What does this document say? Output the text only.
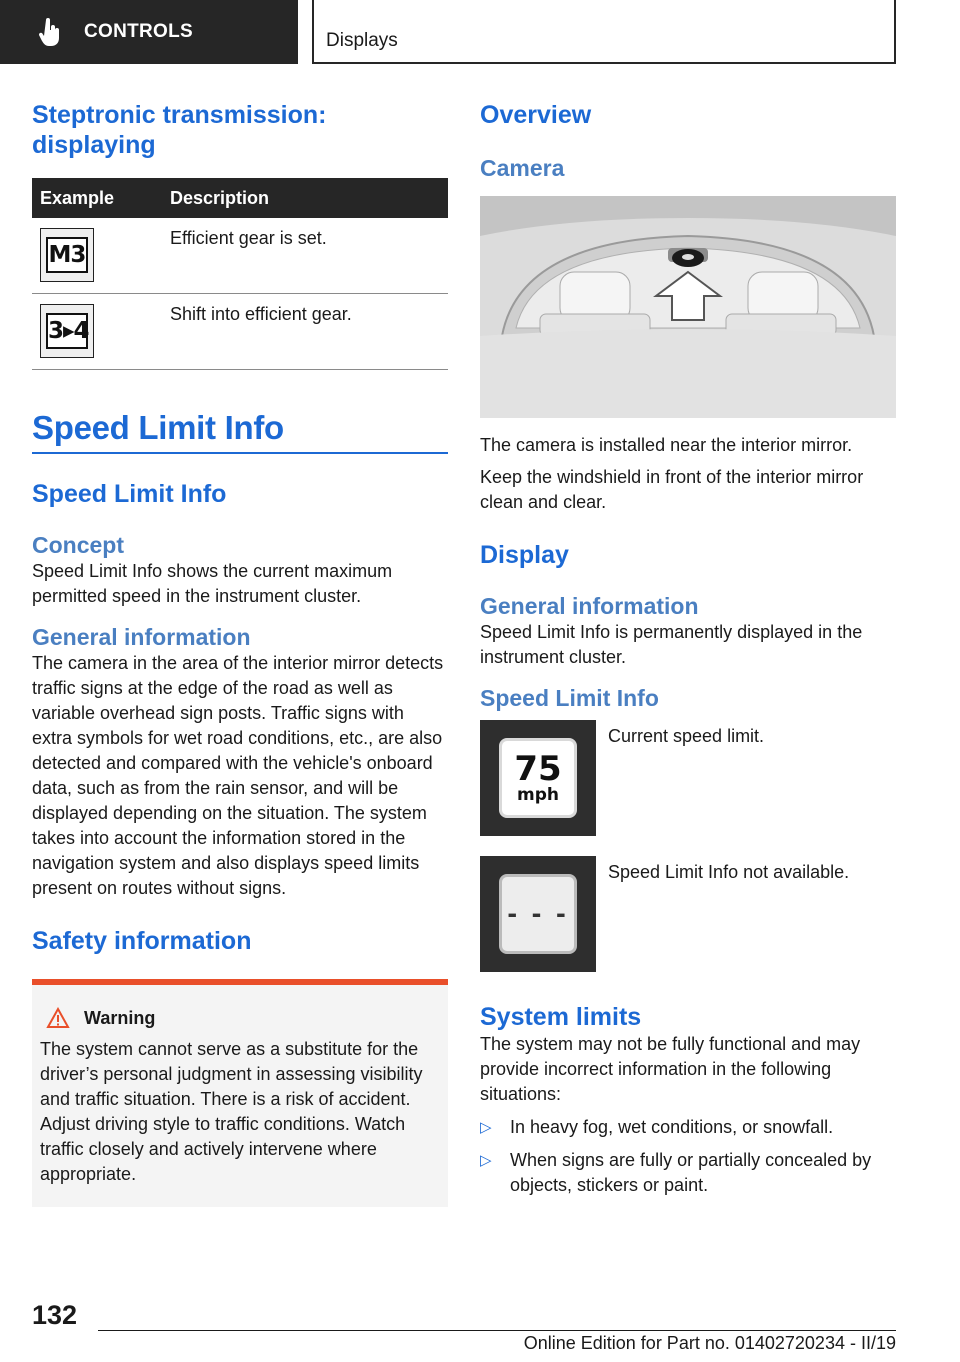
CONTROLS	Displays
Steptronic transmission: displaying
Example	Description
M3
Efficient gear is set.
3▸4
Shift into efficient gear.
Speed Limit Info
Speed Limit Info
Concept

Speed Limit Info shows the current maximum permitted speed in the instrument cluster.

General information

The camera in the area of the interior mirror detects traffic signs at the edge of the road as well as variable overhead sign posts. Traffic signs with extra symbols for wet road conditions, etc., are also detected and compared with the vehicle's onboard data, such as from the rain sensor, and will be displayed depending on the situation. The system takes into account the information stored in the navigation system and also displays speed limits present on routes without signs.

Safety information
Warning

The system cannot serve as a substitute for the driver’s personal judgment in assessing visibility and traffic situation. There is a risk of accident. Adjust driving style to traffic conditions. Watch traffic closely and actively intervene where appropriate.

Overview
Camera

The camera is installed near the interior mirror.

Keep the windshield in front of the interior mirror clean and clear.

Display
General information

Speed Limit Info is permanently displayed in the instrument cluster.

Speed Limit Info
75
mph
Current speed limit.
- - -
Speed Limit Info not available.
System limits

The system may not be fully functional and may provide incorrect information in the following situations:

▷ In heavy fog, wet conditions, or snowfall.
▷ When signs are fully or partially concealed by objects, stickers or paint.
132
Online Edition for Part no. 01402720234 - II/19
